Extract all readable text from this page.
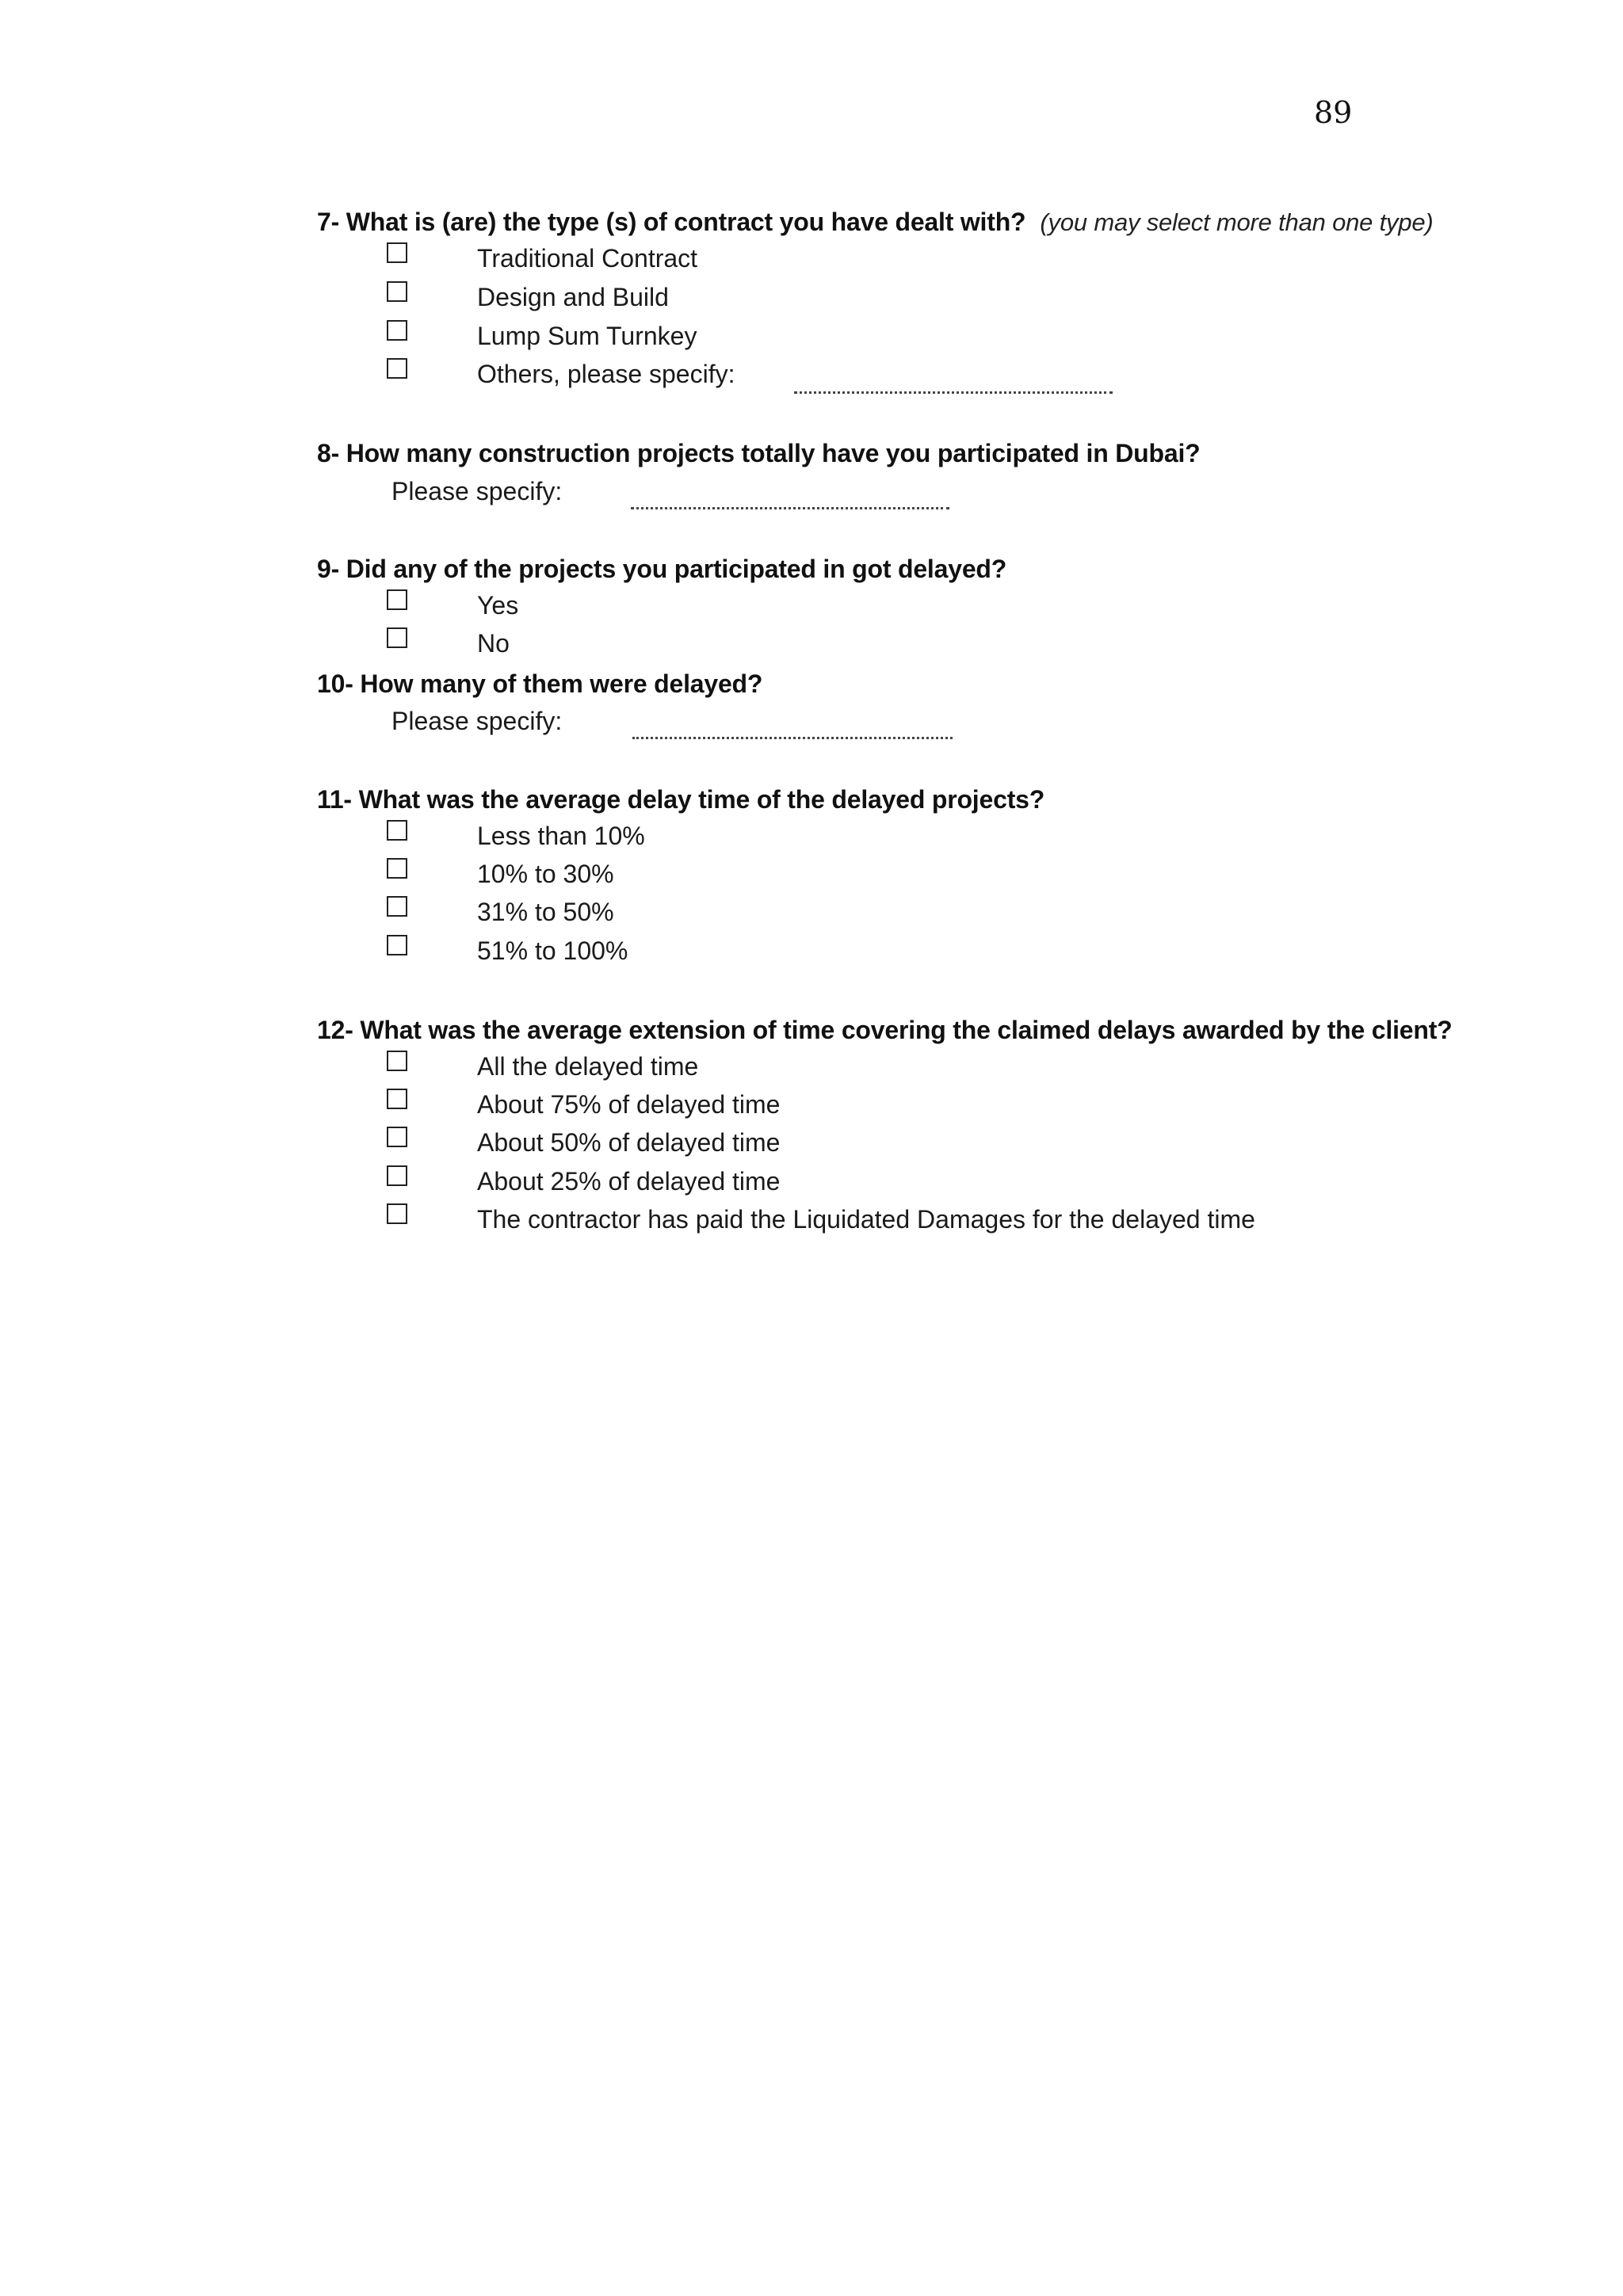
89
7- What is (are) the type (s) of contract you have dealt with? (you may select more than one type)
Traditional Contract
Design and Build
Lump Sum Turnkey
Others, please specify:
8- How many construction projects totally have you participated in Dubai?
Please specify:
9- Did any of the projects you participated in got delayed?
Yes
No
10- How many of them were delayed?
Please specify:
11- What was the average delay time of the delayed projects?
Less than 10%
10% to 30%
31% to 50%
51% to 100%
12- What was the average extension of time covering the claimed delays awarded by the client?
All the delayed time
About 75% of delayed time
About 50% of delayed time
About 25% of delayed time
The contractor has paid the Liquidated Damages for the delayed time
